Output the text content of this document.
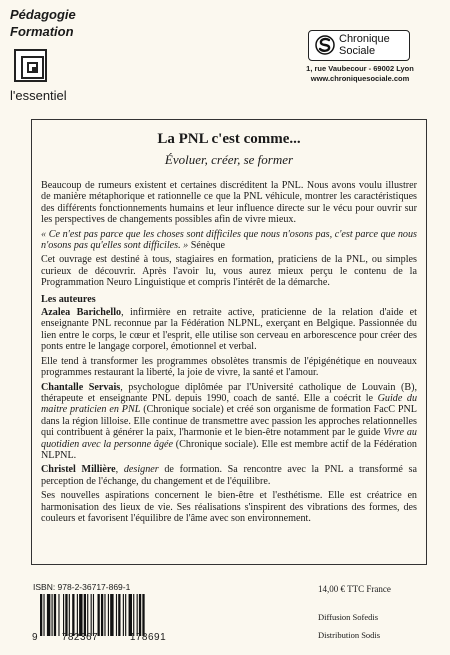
Pédagogie
Formation
l'essentiel
Chronique
Sociale
1, rue Vaubecour - 69002 Lyon
www.chroniquesociale.com
La PNL c'est comme...
Évoluer, créer, se former

Beaucoup de rumeurs existent et certaines discréditent la PNL. Nous avons voulu illustrer de manière métaphorique et rationnelle ce que la PNL véhicule, montrer les caractéristiques des différents fonctionnements humains et leur influence directe sur le vécu pour ouvrir sur les perspectives de changements possibles afin de vivre mieux.

« Ce n'est pas parce que les choses sont difficiles que nous n'osons pas, c'est parce que nous n'osons pas qu'elles sont difficiles. » Sénèque

Cet ouvrage est destiné à tous, stagiaires en formation, praticiens de la PNL, ou simples curieux de découvrir. Après l'avoir lu, vous aurez mieux perçu le contenu de la Programmation Neuro Linguistique et compris l'intérêt de la démarche.

Les auteures

Azalea Barichello, infirmière en retraite active, praticienne de la relation d'aide et enseignante PNL reconnue par la Fédération NLPNL, exerçant en Belgique. Passionnée du lien entre le corps, le cœur et l'esprit, elle utilise son cerveau en arborescence pour créer des ponts entre le langage corporel, émotionnel et verbal.

Elle tend à transformer les programmes obsolètes transmis de l'épigénétique en nouveaux programmes restaurant la liberté, la joie de vivre, la santé et l'amour.

Chantalle Servais, psychologue diplômée par l'Université catholique de Louvain (B), thérapeute et enseignante PNL depuis 1990, coach de santé. Elle a coécrit le Guide du maitre praticien en PNL (Chronique sociale) et créé son organisme de formation FacC PNL dans la région lilloise. Elle continue de transmettre avec passion les approches relationnelles qui contribuent à générer la paix, l'harmonie et le bien-être notamment par le guide Vivre au quotidien avec la personne âgée (Chronique sociale). Elle est membre actif de la Fédération NLPNL.

Christel Millière, designer de formation. Sa rencontre avec la PNL a transformé sa perception de l'échange, du changement et de l'équilibre.

Ses nouvelles aspirations concernent le bien-être et l'esthétisme. Elle est créatrice en harmonisation des lieux de vie. Ses réalisations s'inspirent des vibrations des formes, des couleurs et favorisent l'équilibre de l'âme avec son environnement.

ISBN: 978-2-36717-869-1
9 782367	178691
14,00 € TTC France
Diffusion Sofedis
Distribution Sodis
